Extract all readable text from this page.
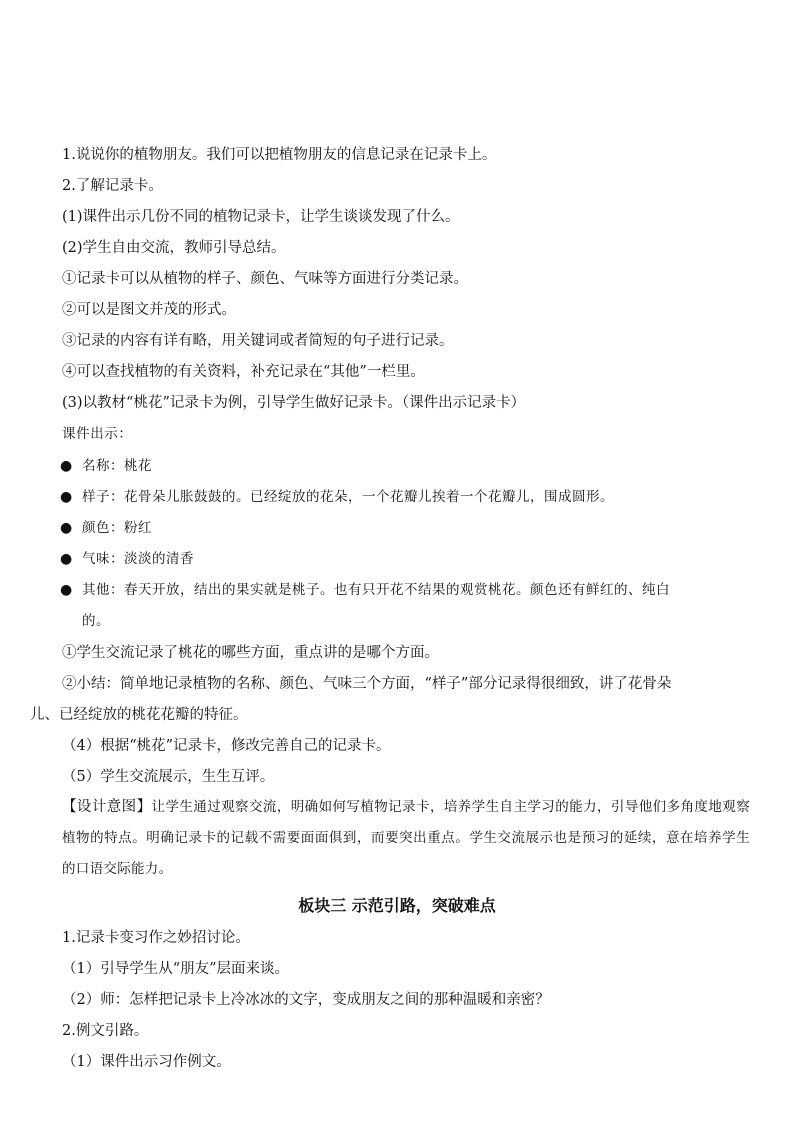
1.说说你的植物朋友。我们可以把植物朋友的信息记录在记录卡上。

2.了解记录卡。

(1)课件出示几份不同的植物记录卡，让学生谈谈发现了什么。

(2)学生自由交流，教师引导总结。

①记录卡可以从植物的样子、颜色、气味等方面进行分类记录。

②可以是图文并茂的形式。

③记录的内容有详有略，用关键词或者简短的句子进行记录。

④可以查找植物的有关资料，补充记录在“其他”一栏里。

(3)以教材“桃花”记录卡为例，引导学生做好记录卡。（课件出示记录卡）

课件出示：

● 名称：桃花
● 样子：花骨朵儿胀鼓鼓的。已经绽放的花朵，一个花瓣儿挨着一个花瓣儿，围成圆形。
● 颜色：粉红
● 气味：淡淡的清香
● 其他：春天开放，结出的果实就是桃子。也有只开花不结果的观赏桃花。颜色还有鲜红的、纯白
的。

①学生交流记录了桃花的哪些方面，重点讲的是哪个方面。

②小结：简单地记录植物的名称、颜色、气味三个方面，“样子”部分记录得很细致，讲了花骨朵

儿、已经绽放的桃花花瓣的特征。

（4）根据“桃花”记录卡，修改完善自己的记录卡。

（5）学生交流展示，生生互评。

【设计意图】让学生通过观察交流，明确如何写植物记录卡，培养学生自主学习的能力，引导他们多角度地观察植物的特点。明确记录卡的记载不需要面面俱到，而要突出重点。学生交流展示也是预习的延续，意在培养学生的口语交际能力。

板块三 示范引路，突破难点

1.记录卡变习作之妙招讨论。

（1）引导学生从“朋友”层面来谈。

（2）师：怎样把记录卡上冷冰冰的文字，变成朋友之间的那种温暖和亲密？

2.例文引路。

（1）课件出示习作例文。
